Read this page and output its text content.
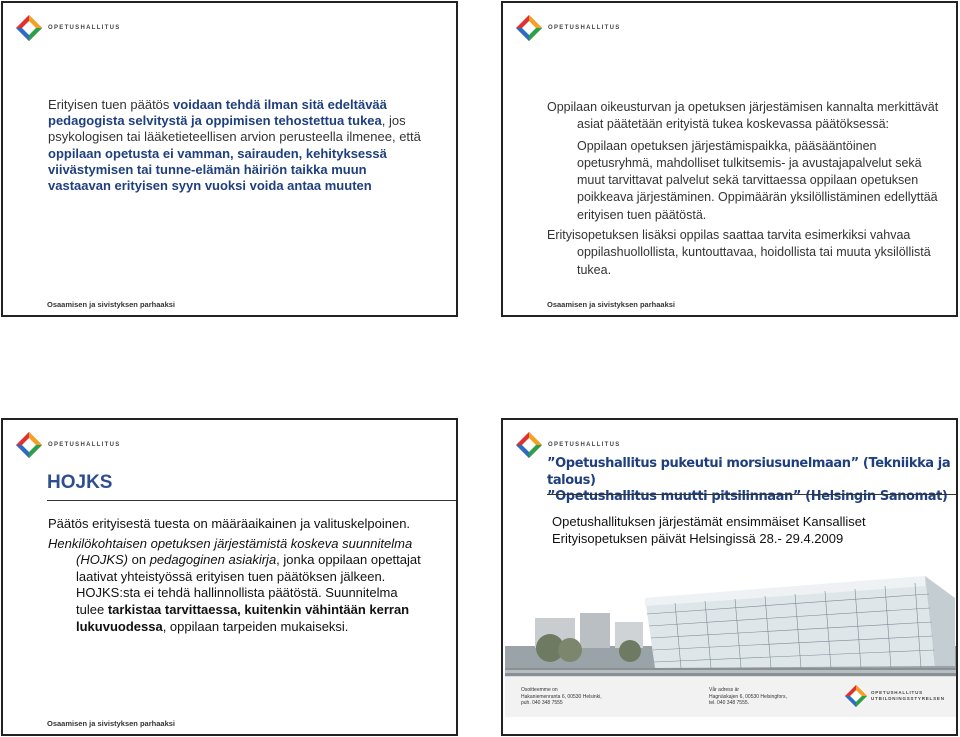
OPETUSHALLITUS
Erityisen tuen päätös voidaan tehdä ilman sitä edeltävää pedagogista selvitystä ja oppimisen tehostettua tukea, jos psykologisen tai lääketieteellisen arvion perusteella ilmenee, että oppilaan opetusta ei vamman, sairauden, kehityksessä viivästymisen tai tunne-elämän häiriön taikka muun vastaavan erityisen syyn vuoksi voida antaa muuten
Osaamisen ja sivistyksen parhaaksi
OPETUSHALLITUS
Oppilaan oikeusturvan ja opetuksen järjestämisen kannalta merkittävät asiat päätetään erityistä tukea koskevassa päätöksessä:
Oppilaan opetuksen järjestämispaikka, pääsääntöinen opetusryhmä, mahdolliset tulkitsemis- ja avustajapalvelut sekä muut tarvittavat palvelut sekä tarvittaessa oppilaan opetuksen poikkeava järjestäminen. Oppimäärän yksilöllistäminen edellyttää erityisen tuen päätöstä.
Erityisopetuksen lisäksi oppilas saattaa tarvita esimerkiksi vahvaa oppilashuollollista, kuntouttavaa, hoidollista tai muuta yksilöllistä tukea.
Osaamisen ja sivistyksen parhaaksi
OPETUSHALLITUS
HOJKS
Päätös erityisestä tuesta on määräaikainen ja valituskelpoinen.
Henkilökohtaisen opetuksen järjestämistä koskeva suunnitelma (HOJKS) on pedagoginen asiakirja, jonka oppilaan opettajat laativat yhteistyössä erityisen tuen päätöksen jälkeen. HOJKS:sta ei tehdä hallinnollista päätöstä. Suunnitelma tulee tarkistaa tarvittaessa, kuitenkin vähintään kerran lukuvuodessa, oppilaan tarpeiden mukaiseksi.
Osaamisen ja sivistyksen parhaaksi
OPETUSHALLITUS
”Opetushallitus pukeutui morsiusunelmaan” (Tekniikka ja talous)
”Opetushallitus muutti pitsilinnaan” (Helsingin Sanomat)
Opetushallituksen järjestämät ensimmäiset Kansalliset Erityisopetuksen päivät Helsingissä 28.- 29.4.2009
Osoitteemme on
Hakaniemenranta 6, 00530 Helsinki,
puh. 040 348 7555
Vår adress är
Hagnäskajen 6, 00530 Helsingfors,
tel. 040 348 7555.
OPETUSHALLITUS
UTBILDNINGSSTYRELSEN
